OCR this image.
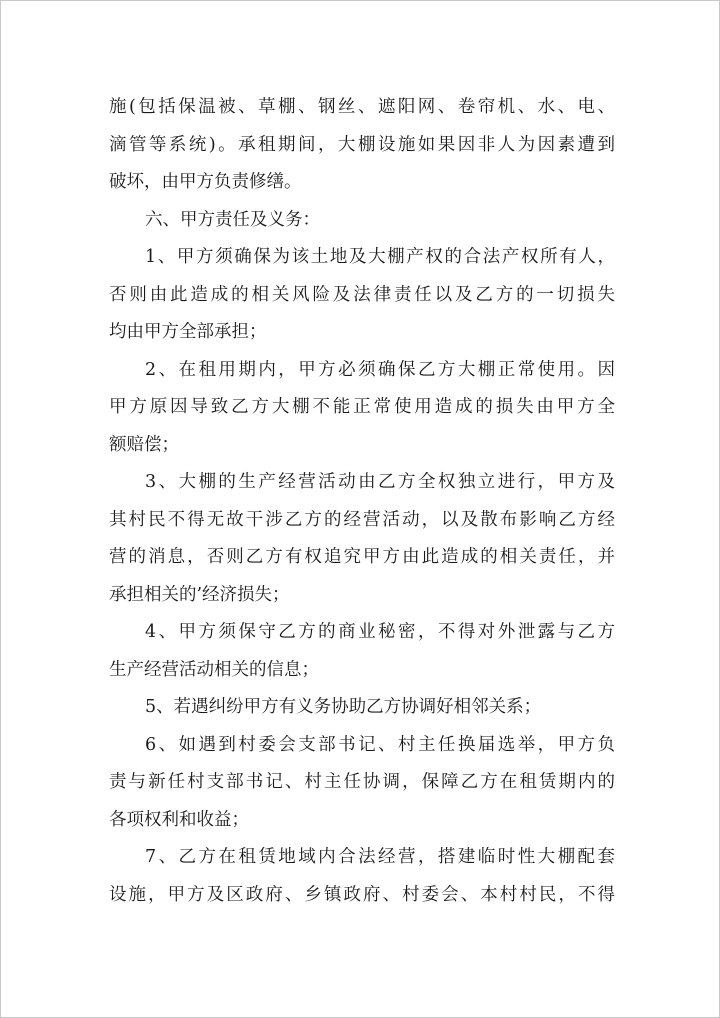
施(包括保温被、草棚、钢丝、遮阳网、卷帘机、水、电、
滴管等系统)。承租期间，大棚设施如果因非人为因素遭到
破坏，由甲方负责修缮。
六、甲方责任及义务：
1、甲方须确保为该土地及大棚产权的合法产权所有人，
否则由此造成的相关风险及法律责任以及乙方的一切损失
均由甲方全部承担；
2、在租用期内，甲方必须确保乙方大棚正常使用。因
甲方原因导致乙方大棚不能正常使用造成的损失由甲方全
额赔偿；
3、大棚的生产经营活动由乙方全权独立进行，甲方及
其村民不得无故干涉乙方的经营活动，以及散布影响乙方经
营的消息，否则乙方有权追究甲方由此造成的相关责任，并
承担相关的’经济损失；
4、甲方须保守乙方的商业秘密，不得对外泄露与乙方
生产经营活动相关的信息；
5、若遇纠纷甲方有义务协助乙方协调好相邻关系；
6、如遇到村委会支部书记、村主任换届选举，甲方负
责与新任村支部书记、村主任协调，保障乙方在租赁期内的
各项权利和收益；
7、乙方在租赁地域内合法经营，搭建临时性大棚配套
设施，甲方及区政府、乡镇政府、村委会、本村村民，不得
